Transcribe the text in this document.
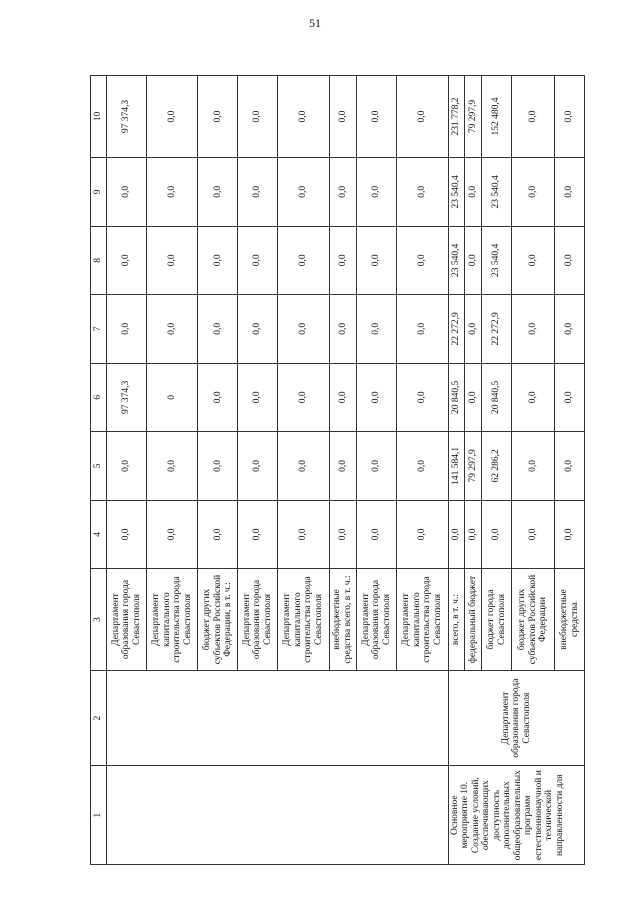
51
1	2	3	4	5	6	7	8	9	10
		Департамент образования города Севастополя	0,0	0,0	97 374,3	0,0	0,0	0,0	97 374,3
		Департамент капитального строительства города Севастополя	0,0	0,0	0	0,0	0,0	0,0	0,0
		бюджет других субъектов Российской Федерации, в т. ч.:	0,0	0,0	0,0	0,0	0,0	0,0	0,0
		Департамент образования города Севастополя	0,0	0,0	0,0	0,0	0,0	0,0	0,0
		Департамент капитального строительства города Севастополя	0,0	0,0	0,0	0,0	0,0	0,0	0,0
		внебюджетные средства всего, в т. ч.:	0,0	0,0	0,0	0,0	0,0	0,0	0,0
		Департамент образования города Севастополя	0,0	0,0	0,0	0,0	0,0	0,0	0,0
		Департамент капитального строительства города Севастополя	0,0	0,0	0,0	0,0	0,0	0,0	0,0
Основное мероприятие 10. Создание условий, обеспечивающих доступность дополнительных общеобразовательных программ естественнонаучной и технической направленности для	Департамент образования города Севастополя	всего, в т. ч.:	0,0	141 584,1	20 840,5	22 272,9	23 540,4	23 540,4	231 778,2
		федеральный бюджет	0,0	79 297,9	0,0	0,0	0,0	0,0	79 297,9
		бюджет города Севастополя	0,0	62 286,2	20 840,5	22 272,9	23 540,4	23 540,4	152 480,4
		бюджет других субъектов Российской Федерации	0,0	0,0	0,0	0,0	0,0	0,0	0,0
		внебюджетные средства	0,0	0,0	0,0	0,0	0,0	0,0	0,0
